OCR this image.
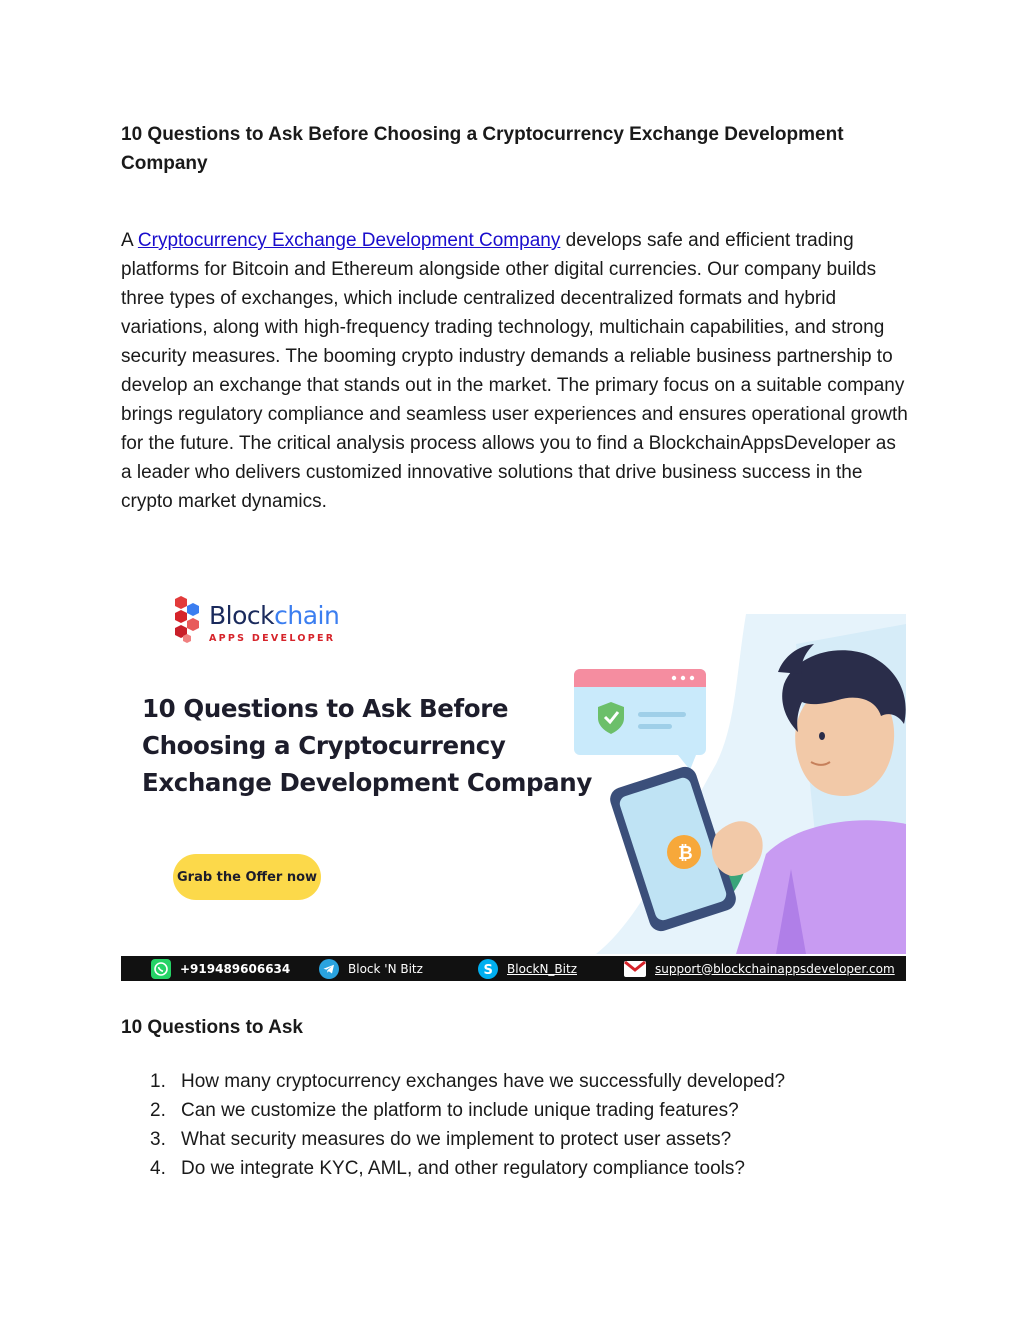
10 Questions to Ask Before Choosing a Cryptocurrency Exchange Development Company

A Cryptocurrency Exchange Development Company develops safe and efficient trading platforms for Bitcoin and Ethereum alongside other digital currencies. Our company builds three types of exchanges, which include centralized decentralized formats and hybrid variations, along with high-frequency trading technology, multichain capabilities, and strong security measures. The booming crypto industry demands a reliable business partnership to develop an exchange that stands out in the market. The primary focus on a suitable company brings regulatory compliance and seamless user experiences and ensures operational growth for the future. The critical analysis process allows you to find a BlockchainAppsDeveloper as a leader who delivers customized innovative solutions that drive business success in the crypto market dynamics.

Blockchain
APPS DEVELOPER
10 Questions to Ask Before
Choosing a Cryptocurrency
Exchange Development Company
Grab the Offer now
₿
+919489606634	Block 'N Bitz	S BlockN_Bitz	support@blockchainappsdeveloper.com
10 Questions to Ask
1. How many cryptocurrency exchanges have we successfully developed?
2. Can we customize the platform to include unique trading features?
3. What security measures do we implement to protect user assets?
4. Do we integrate KYC, AML, and other regulatory compliance tools?
